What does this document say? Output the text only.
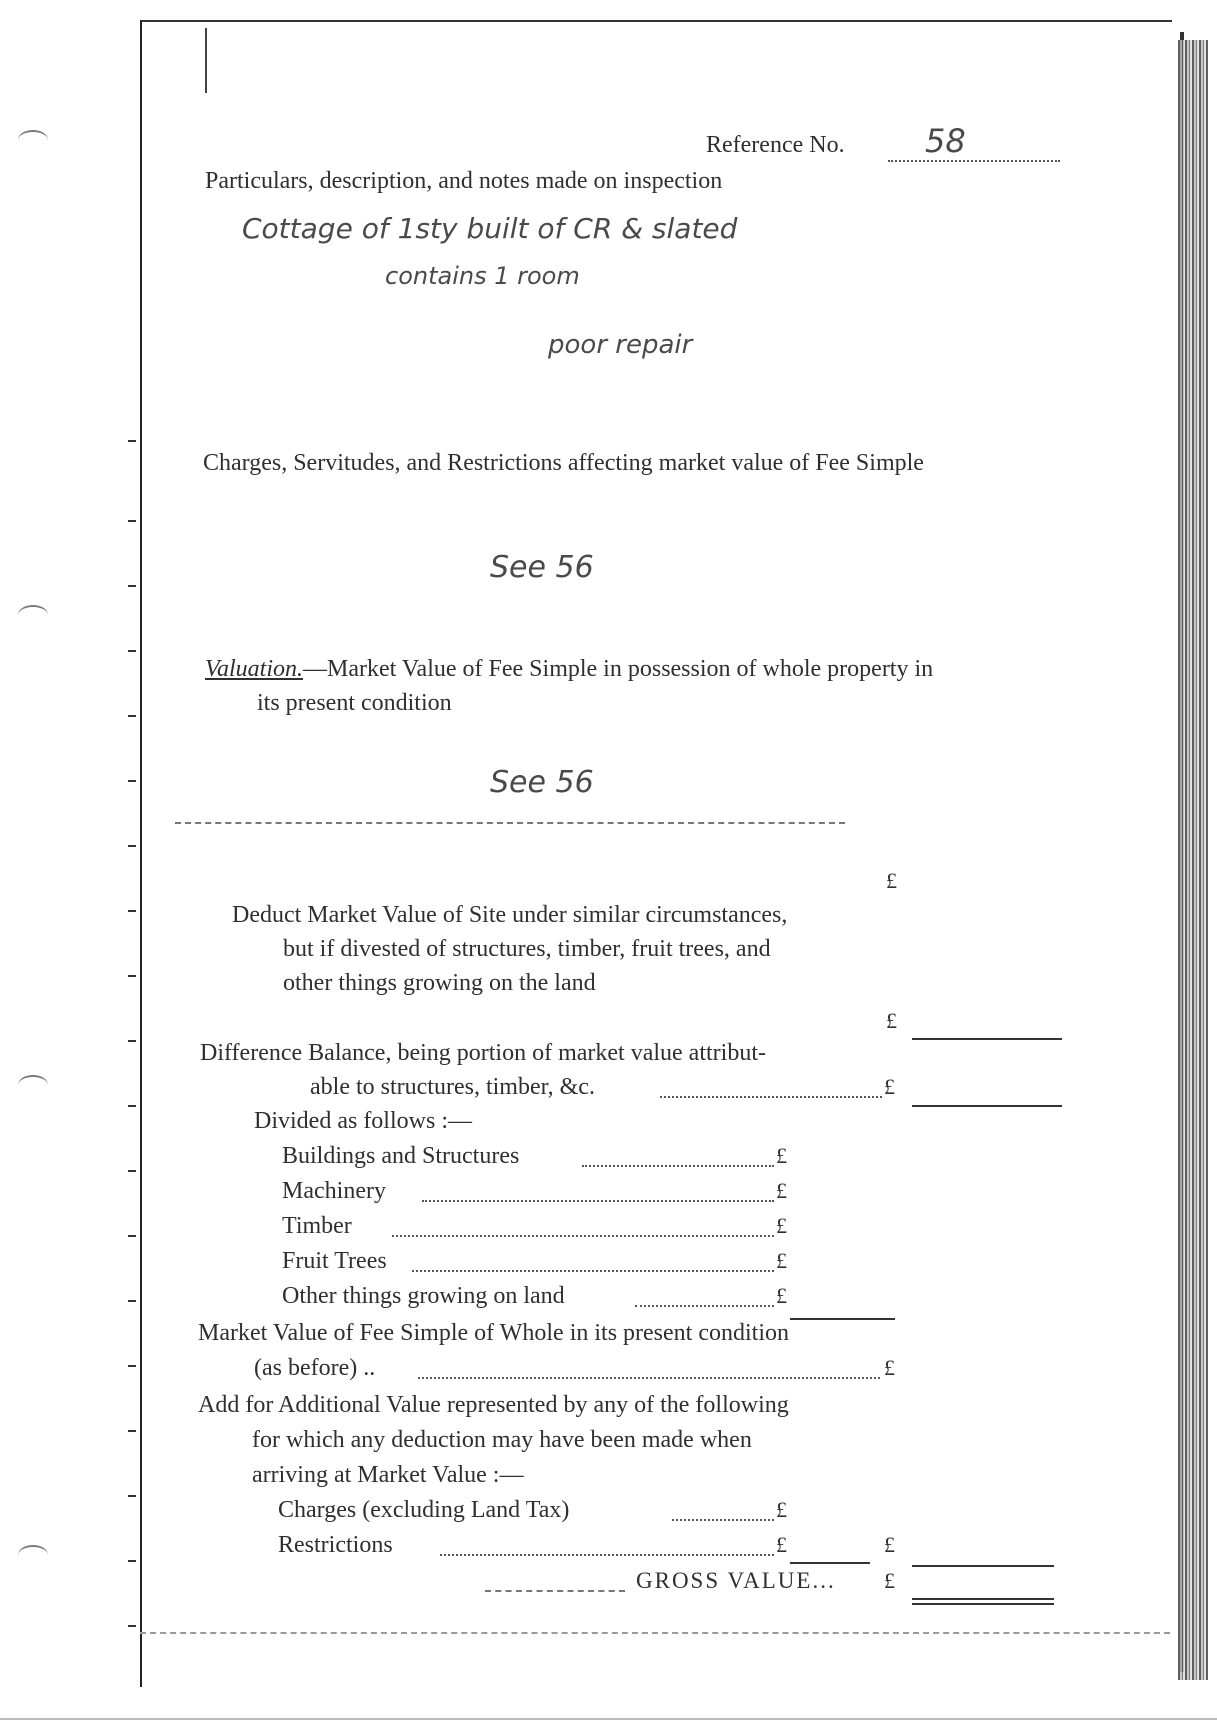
Reference No.	58
Particulars, description, and notes made on inspection
Cottage of 1sty built of CR & slated
contains 1 room
poor repair
Charges, Servitudes, and Restrictions affecting market value of Fee Simple
See 56
Valuation.—Market Value of Fee Simple in possession of whole property in
its present condition
See 56
£
Deduct Market Value of Site under similar circumstances,
but if divested of structures, timber, fruit trees, and
other things growing on the land
£
Difference Balance, being portion of market value attribut-
able to structures, timber, &c.	£
Divided as follows :—
Buildings and Structures	£
Machinery	£
Timber	£
Fruit Trees	£
Other things growing on land	£
Market Value of Fee Simple of Whole in its present condition
(as before) ..	£
Add for Additional Value represented by any of the following
for which any deduction may have been made when
arriving at Market Value :—
Charges (excluding Land Tax)	£
Restrictions	£	£
GROSS VALUE... £
